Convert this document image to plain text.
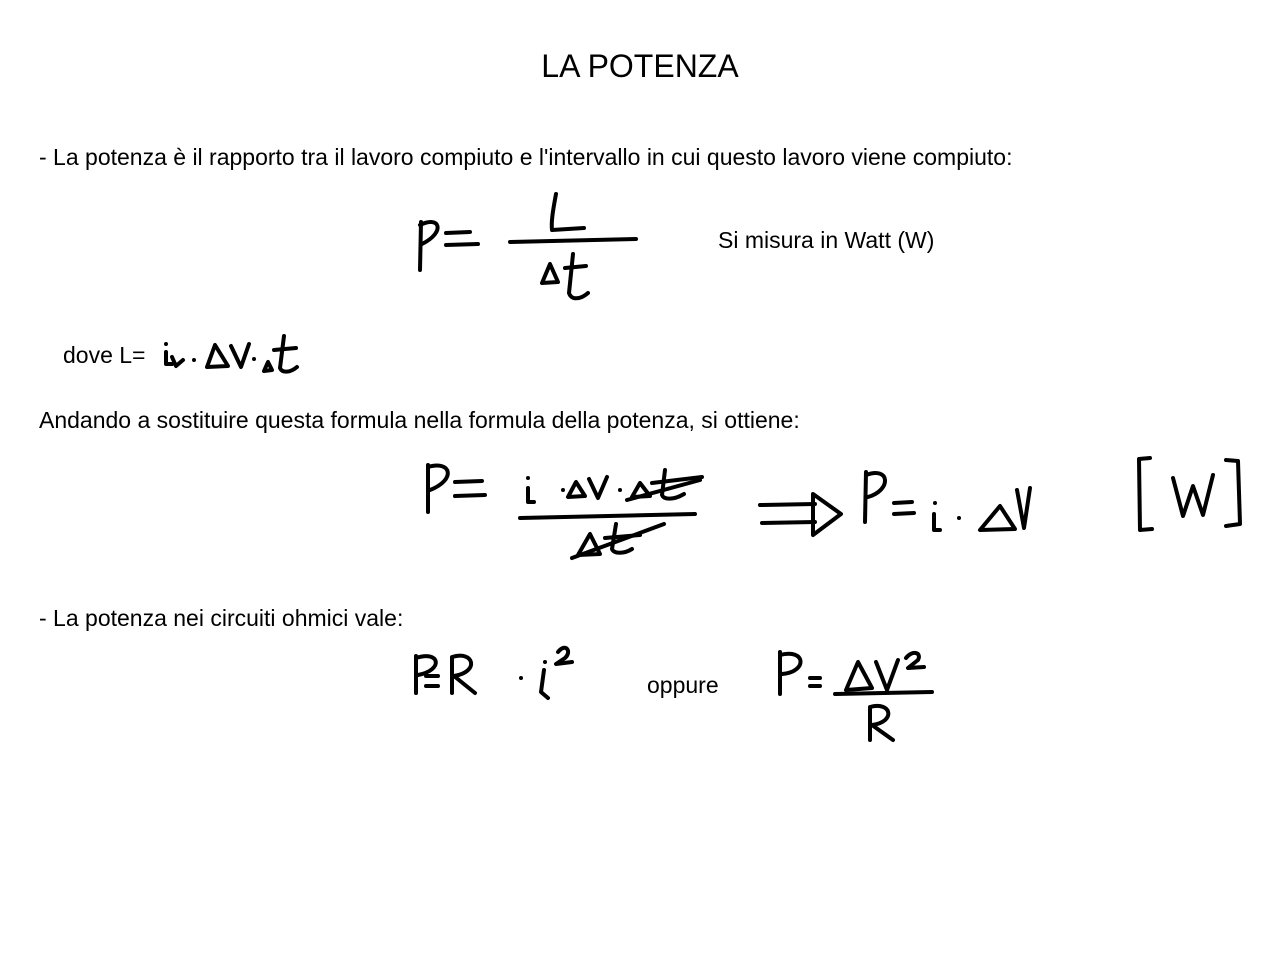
LA POTENZA
- La potenza è il rapporto tra il lavoro compiuto e l'intervallo in cui questo lavoro viene compiuto:
Si misura in Watt (W)
dove L=
Andando a sostituire questa formula nella formula della potenza, si ottiene:
- La potenza nei circuiti ohmici vale:
oppure
